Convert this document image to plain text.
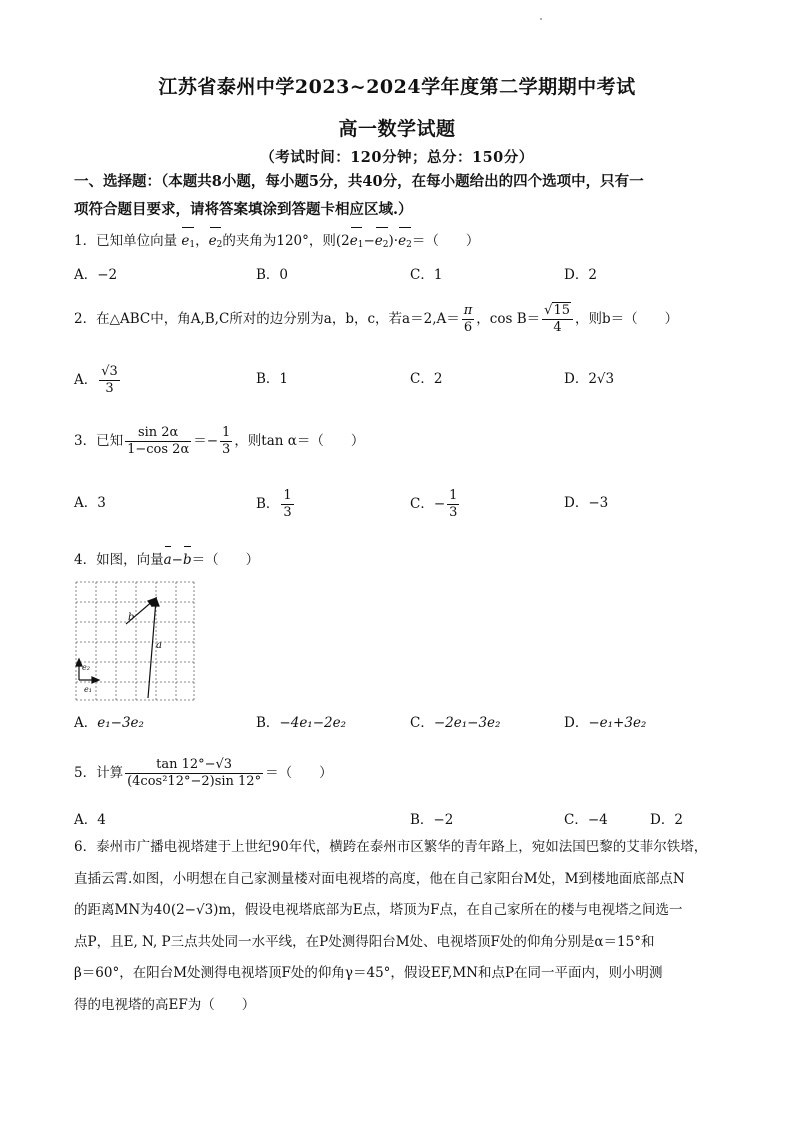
江苏省泰州中学2023~2024学年度第二学期期中考试
高一数学试题
（考试时间：120分钟；总分：150分）
一、选择题：（本题共8小题，每小题5分，共40分，在每小题给出的四个选项中，只有一
项符合题目要求，请将答案填涂到答题卡相应区域.）
1．已知单位向量 $e_1$，$e_2$的夹角为120°，则$(2e_1-e_2)\cdot e_2=$（　　）
A．−2	B．0	C．1	D．2
2．在△ABC中，角A,B,C所对的边分别为a，b，c，若$a=2,A= \frac{\pi}{6}$ ，$\cos B= \frac{√15}{4}$ ，则b＝（　　）
A． $\frac{√3}{3}$	B．1	C．2	D．2√3
3．已知 $\frac{\sin 2\alpha}{1-\cos 2\alpha} =- \frac{1}{3}$ ，则tan α＝（　　）
A．3	B． $\frac{1}{3}$	C．− $\frac{1}{3}$	D．−3
4．如图，向量a−b＝（　　）
b
a
e₂
e₁
A．e₁−3e₂	B．−4e₁−2e₂	C．−2e₁−3e₂	D．−e₁+3e₂
5．计算 $\frac{\tan 12^\circ-√3}{\text{(4cos²12°−2)sin 12°}}$ ＝（　　）
A．4	B．−2	C．−4	D．2
6．泰州市广播电视塔建于上世纪90年代，横跨在泰州市区繁华的青年路上，宛如法国巴黎的艾菲尔铁塔，
直插云霄.如图，小明想在自己家测量楼对面电视塔的高度，他在自己家阳台M处，M到楼地面底部点N
的距离MN为40(2−√3)m，假设电视塔底部为E点，塔顶为F点，在自己家所在的楼与电视塔之间选一
点P，且E, N, P三点共处同一水平线，在P处测得阳台M处、电视塔顶F处的仰角分别是α＝15°和
β＝60°，在阳台M处测得电视塔顶F处的仰角γ＝45°，假设EF,MN和点P在同一平面内，则小明测
得的电视塔的高EF为（　　）
